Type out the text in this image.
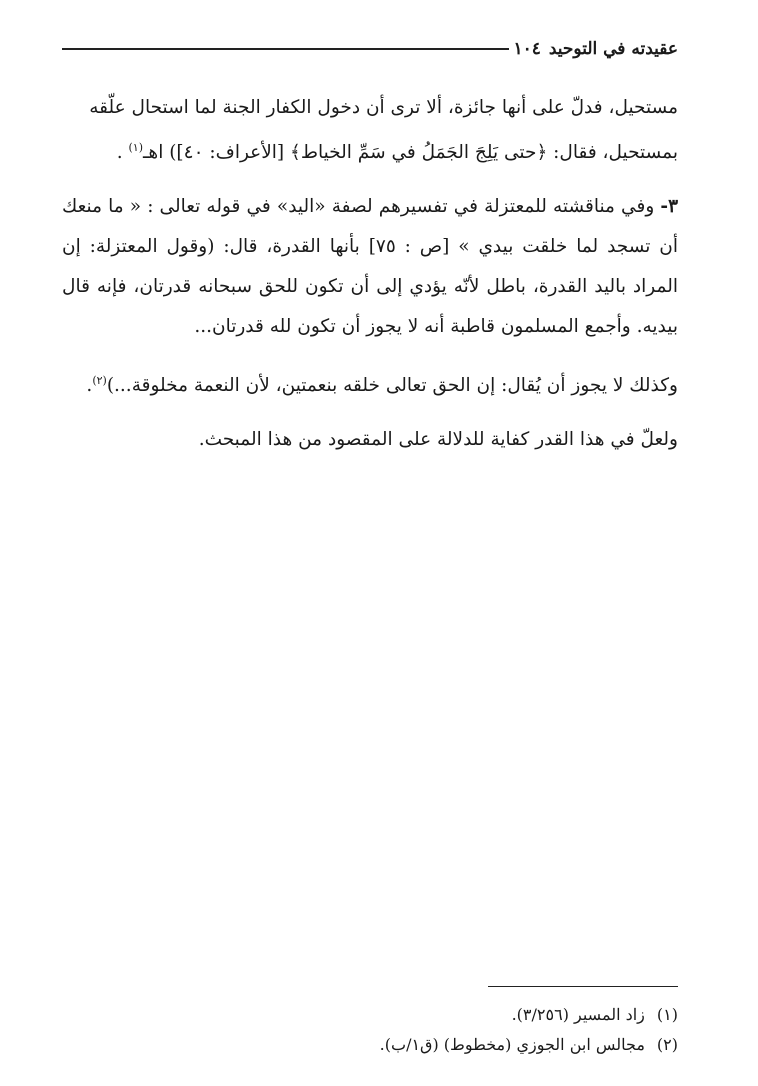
عقيدته في التوحيد
١٠٤

مستحيل، فدلّ على أنها جائزة، ألا ترى أن دخول الكفار الجنة لما استحال علّقه
بمستحيل، فقال: ﴿حتى يَلِجَ الجَمَلُ في سَمِّ الخياط﴾ [الأعراف: ٤٠]) اهـ$^{(١)}$ .

٣- وفي مناقشته للمعتزلة في تفسيرهم لصفة «اليد» في قوله تعالى : « ما منعك أن تسجد لما خلقت بيدي » [ص : ٧٥] بأنها القدرة، قال: (وقول المعتزلة: إن المراد باليد القدرة، باطل لأنّه يؤدي إلى أن تكون للحق سبحانه قدرتان، فإنه قال بيديه. وأجمع المسلمون قاطبة أنه لا يجوز أن تكون لله قدرتان...

وكذلك لا يجوز أن يُقال: إن الحق تعالى خلقه بنعمتين، لأن النعمة مخلوقة...)$^{(٢)}$.

ولعلّ في هذا القدر كفاية للدلالة على المقصود من هذا المبحث.

(١)
زاد المسير (٣/٢٥٦).
(٢)
مجالس ابن الجوزي (مخطوط) (ق١/ب).
